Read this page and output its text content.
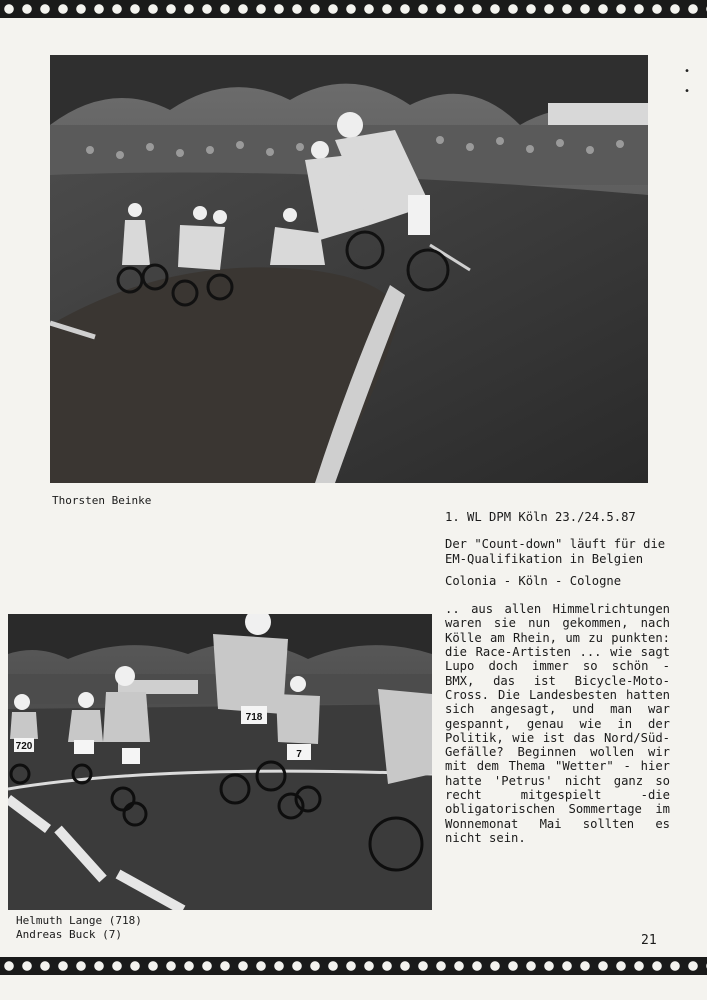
•
•
Thorsten Beinke
720
718
7
Helmuth Lange (718)
Andreas Buck (7)

1. WL DPM Köln 23./24.5.87

Der "Count-down" läuft für die EM-Qualifikation in Belgien

Colonia - Köln - Cologne

.. aus allen Himmelrichtungen waren sie nun gekommen, nach Kölle am Rhein, um zu punkten: die Race-Artisten ... wie sagt Lupo doch immer so schön - BMX, das ist Bicycle-Moto-Cross. Die Landesbesten hatten sich angesagt, und man war gespannt, genau wie in der Politik, wie ist das Nord/Süd-Gefälle? Beginnen wollen wir mit dem Thema "Wetter" - hier hatte 'Petrus' nicht ganz so recht mitgespielt -die obligatorischen Sommertage im Wonnemonat Mai sollten es nicht sein.

21
